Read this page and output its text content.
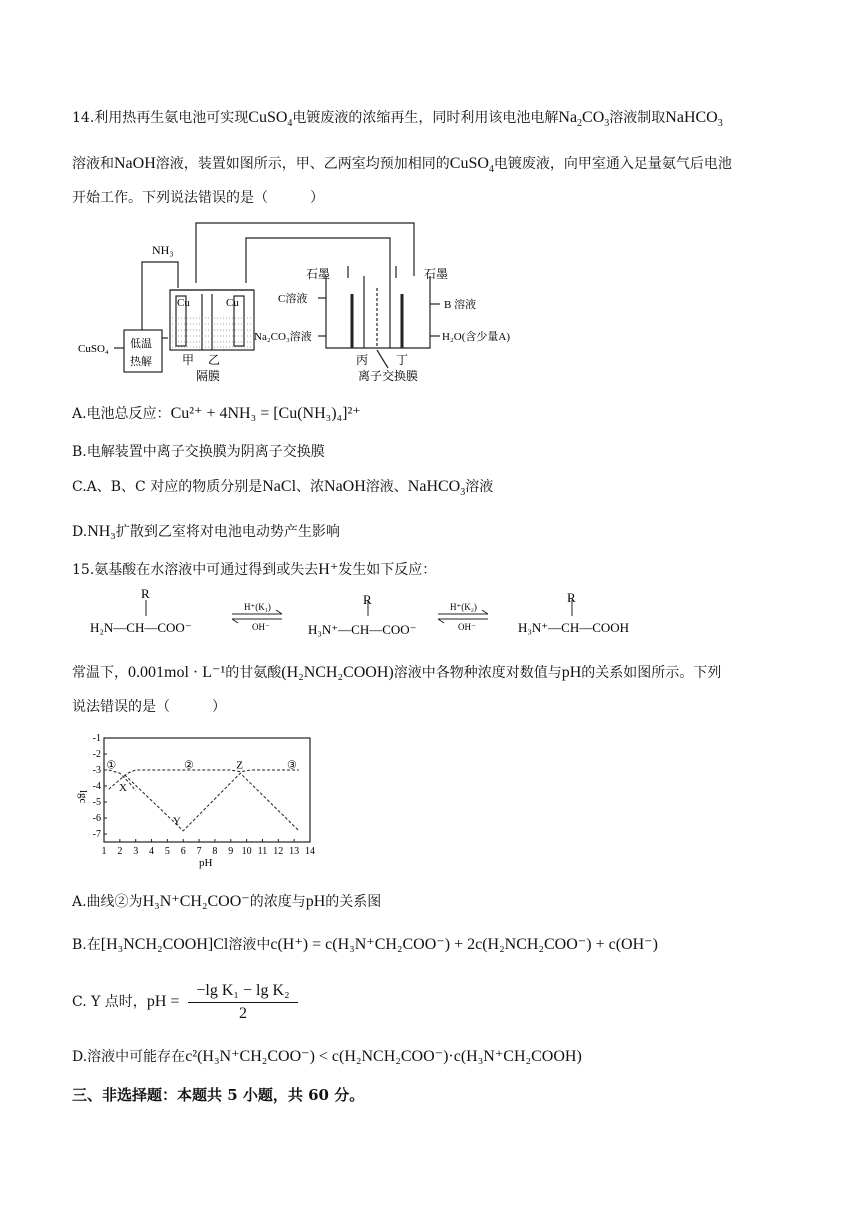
14.利用热再生氨电池可实现CuSO$_4$电镀废液的浓缩再生，同时利用该电池电解$Na_2CO_3$溶液制取NaHCO$_3$
溶液和NaOH溶液，装置如图所示，甲、乙两室均预加相同的CuSO$_4$电镀废液，向甲室通入足量氨气后电池
开始工作。下列说法错误的是（　　　）
NH₃
Cu	Cu
CuSO₄ 低温
热解	甲 乙
隔膜
石墨	石墨
C溶液
Na₂CO₃溶液
B 溶液
H₂O(含少量A)
丙 丁
离子交换膜
A.电池总反应：Cu²⁺ + 4NH₃ = [Cu(NH₃)₄]²⁺
B.电解装置中离子交换膜为阴离子交换膜
C.A、B、C 对应的物质分别是NaCl、浓NaOH溶液、NaHCO$_3$溶液
D.NH₃扩散到乙室将对电池电动势产生影响
15.氨基酸在水溶液中可通过得到或失去H⁺发生如下反应：
R	R	R
H₂N—CH—COO⁻	H₃N⁺—CH—COO⁻	H₃N⁺—CH—COOH
H⁺(K₁)
OH⁻
H⁺(K₂)
OH⁻
常温下，0.001mol · L⁻¹的甘氨酸(H₂NCH₂COOH)溶液中各物种浓度对数值与pH的关系如图所示。下列
说法错误的是（　　　）
1 2 3 4 5 6 7 8 9 10 11 12 13 14
-1
-2
-3
-4
-5
-6
-7
pH
lgc
①	②	Z	③
X
Y
A.曲线②为H₃N⁺CH₂COO⁻的浓度与pH的关系图
B.在[H₃NCH₂COOH]Cl溶液中c(H⁺) = c(H₃N⁺CH₂COO⁻) + 2c(H₂NCH₂COO⁻) + c(OH⁻)
C. Y 点时，pH = $\frac{\text{−lg K₁ − lg K₂}}{2}$
D.溶液中可能存在c²(H₃N⁺CH₂COO⁻) < c(H₂NCH₂COO⁻)·c(H₃N⁺CH₂COOH)
三、非选择题：本题共 5 小题，共 60 分。
